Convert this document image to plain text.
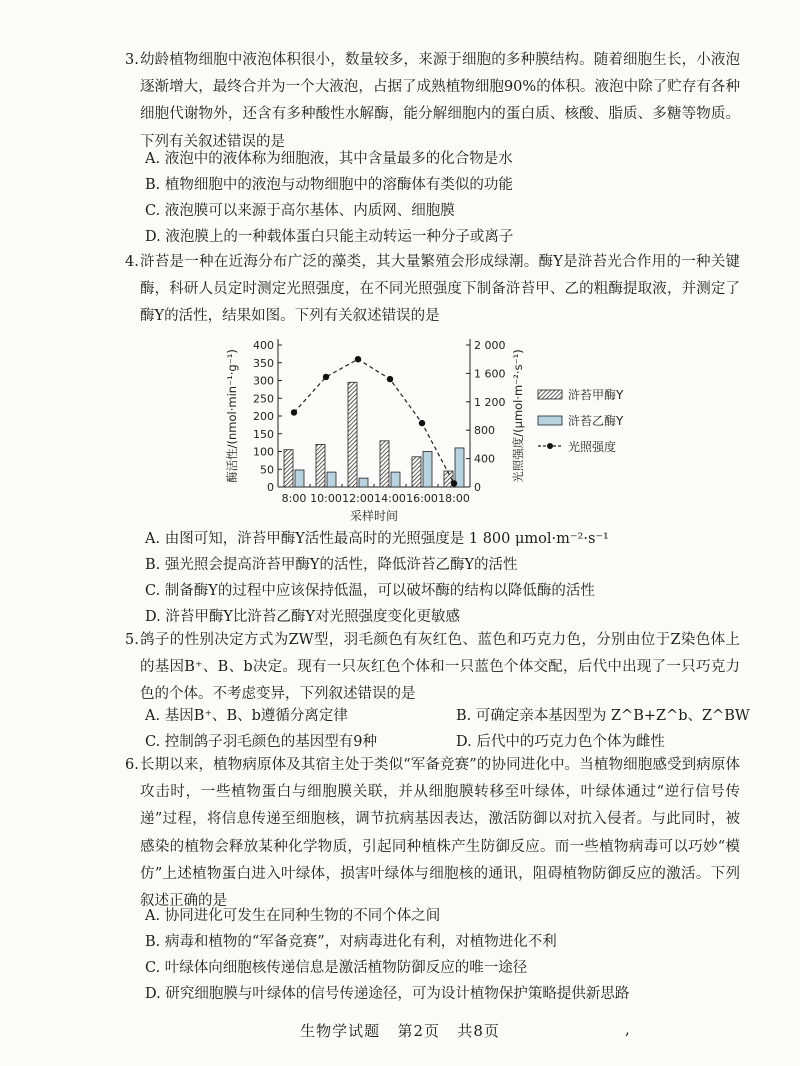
3. 幼龄植物细胞中液泡体积很小，数量较多，来源于细胞的多种膜结构。随着细胞生长，小液泡逐渐增大，最终合并为一个大液泡，占据了成熟植物细胞90%的体积。液泡中除了贮存有各种细胞代谢物外，还含有多种酸性水解酶，能分解细胞内的蛋白质、核酸、脂质、多糖等物质。下列有关叙述错误的是

A. 液泡中的液体称为细胞液，其中含量最多的化合物是水
B. 植物细胞中的液泡与动物细胞中的溶酶体有类似的功能
C. 液泡膜可以来源于高尔基体、内质网、细胞膜
D. 液泡膜上的一种载体蛋白只能主动转运一种分子或离子
4. 浒苔是一种在近海分布广泛的藻类，其大量繁殖会形成绿潮。酶Y是浒苔光合作用的一种关键酶，科研人员定时测定光照强度，在不同光照强度下制备浒苔甲、乙的粗酶提取液，并测定了酶Y的活性，结果如图。下列有关叙述错误的是

0
50
100
150
200
250
300
350
400
0
400
800
1 200
1 600
2 000
8:00 10:00 12:00 14:00 16:00 18:00
酶活性/(nmol·min⁻¹·g⁻¹)	光照强度/(μmol·m⁻²·s⁻¹)
采样时间
浒苔甲酶Y
浒苔乙酶Y
光照强度
A. 由图可知，浒苔甲酶Y活性最高时的光照强度是 1 800 μmol·m⁻²·s⁻¹
B. 强光照会提高浒苔甲酶Y的活性，降低浒苔乙酶Y的活性
C. 制备酶Y的过程中应该保持低温，可以破坏酶的结构以降低酶的活性
D. 浒苔甲酶Y比浒苔乙酶Y对光照强度变化更敏感
5. 鸽子的性别决定方式为ZW型，羽毛颜色有灰红色、蓝色和巧克力色，分别由位于Z染色体上的基因B⁺、B、b决定。现有一只灰红色个体和一只蓝色个体交配，后代中出现了一只巧克力色的个体。不考虑变异，下列叙述错误的是

A. 基因B⁺、B、b遵循分离定律	B. 可确定亲本基因型为 Z^B+Z^b、Z^BW
C. 控制鸽子羽毛颜色的基因型有9种	D. 后代中的巧克力色个体为雌性
6. 长期以来，植物病原体及其宿主处于类似“军备竞赛”的协同进化中。当植物细胞感受到病原体攻击时，一些植物蛋白与细胞膜关联，并从细胞膜转移至叶绿体，叶绿体通过“逆行信号传递”过程，将信息传递至细胞核，调节抗病基因表达，激活防御以对抗入侵者。与此同时，被感染的植物会释放某种化学物质，引起同种植株产生防御反应。而一些植物病毒可以巧妙“模仿”上述植物蛋白进入叶绿体，损害叶绿体与细胞核的通讯，阻碍植物防御反应的激活。下列叙述正确的是

A. 协同进化可发生在同种生物的不同个体之间
B. 病毒和植物的“军备竞赛”，对病毒进化有利，对植物进化不利
C. 叶绿体向细胞核传递信息是激活植物防御反应的唯一途径
D. 研究细胞膜与叶绿体的信号传递途径，可为设计植物保护策略提供新思路
生物学试题 第2页 共8页	,
